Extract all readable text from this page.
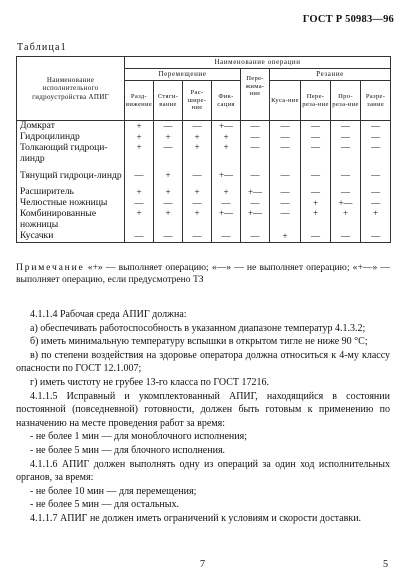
ГОСТ Р 50983—96
Таблица1
Наименование исполнительного гидроустройства АПИГ	Наименование операции								
	Перемещение				Пере-жима-ние	Резание			
	Разд-вижение	Стяги-вание	Рас-шире-ние	Фик-сация		Куса-ние	Пере-реза-ние	Про-реза-ние	Разре-зание
Домкрат	+	—	—	+—	—	—	—	—	—
Гидроцилиндр	+	+	+	+	—	—	—	—	—
Толкающий гидроци-линдр	+	—	+	+	—	—	—	—	—
Тянущий гидроци-линдр	—	+	—	+—	—	—	—	—	—
Расширитель	+	+	+	+	+—	—	—	—	—
Челюстные ножницы	—	—	—	—	—	—	+	+—	—
Комбинированные ножницы	+	+	+	+—	+—	—	+	+	+
Кусачки	—	—	—	—	—	+	—	—	—
Примечание «+» — выполняет операцию; «—» — не выполняет операцию; «+—» — выполняет операцию, если предусмотрено ТЗ

4.1.1.4 Рабочая среда АПИГ должна:

а) обеспечивать работоспособность в указанном диапазоне температур 4.1.3.2;

б) иметь минимальную температуру вспышки в открытом тигле не ниже 90 °С;

в) по степени воздействия на здоровье оператора должна относиться к 4-му классу опасности по ГОСТ 12.1.007;

г) иметь чистоту не грубее 13-го класса по ГОСТ 17216.

4.1.1.5 Исправный и укомплектованный АПИГ, находящийся в состоянии постоянной (повседневной) готовности, должен быть готовым к применению по назначению на месте проведения работ за время:

- не более 1 мин — для моноблочного исполнения;

- не более 5 мин — для блочного исполнения.

4.1.1.6 АПИГ должен выполнять одну из операций за один ход исполнительных органов, за время:

- не более 10 мин — для перемещения;

- не более 5 мин — для остальных.

4.1.1.7 АПИГ не должен иметь ограничений к условиям и скорости доставки.

7	5
